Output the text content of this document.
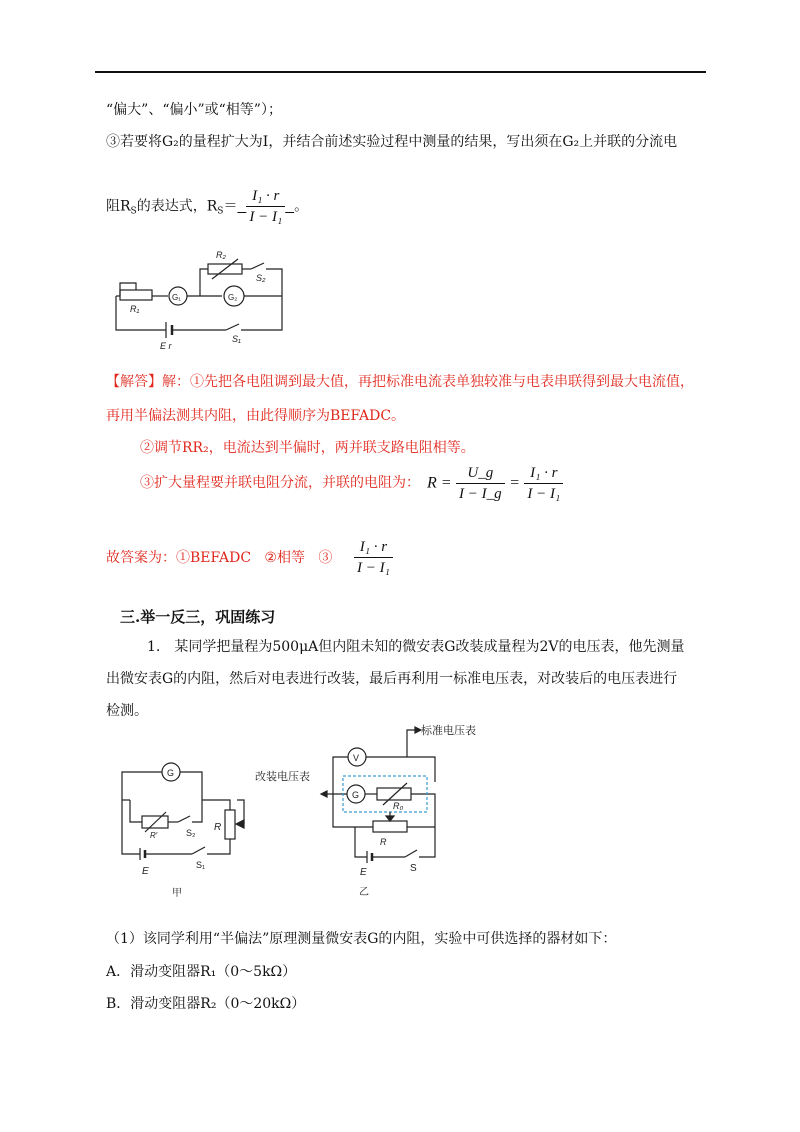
“偏大”、“偏小”或“相等”）；
③若要将G₂的量程扩大为I，并结合前述实验过程中测量的结果，写出须在G₂上并联的分流电
阻$R_S$的表达式，$R_S= \frac{\text{I₁ · r}}{\text{I − I₁}}$ 。
R₂
S₂
R₁
G₁	G₂
E r
S₁
【解答】解：①先把各电阻调到最大值，再把标准电流表单独较准与电表串联得到最大电流值，
再用半偏法测其内阻，由此得顺序为BEFADC。
②调节RR₂，电流达到半偏时，两并联支路电阻相等。
③扩大量程要并联电阻分流，并联的电阻为： $R = \frac{U\_g}{I - I\_g} = \frac{\text{I₁ · r}}{\text{I − I₁}}$
故答案为：①BEFADC ②相等 ③ $\frac{\text{I₁ · r}}{\text{I − I₁}}$
三.举一反三，巩固练习
1.　某同学把量程为500μA但内阻未知的微安表G改装成量程为2V的电压表，他先测量
出微安表G的内阻，然后对电表进行改装，最后再利用一标准电压表，对改装后的电压表进行
检测。
G
R′	S₂ R
E
S₁
甲
标准电压表
改装电压表
V
G
R₀
R
E	S
乙
（1）该同学利用“半偏法”原理测量微安表G的内阻，实验中可供选择的器材如下：
A．滑动变阻器R₁（0～5kΩ）
B．滑动变阻器R₂（0～20kΩ）
